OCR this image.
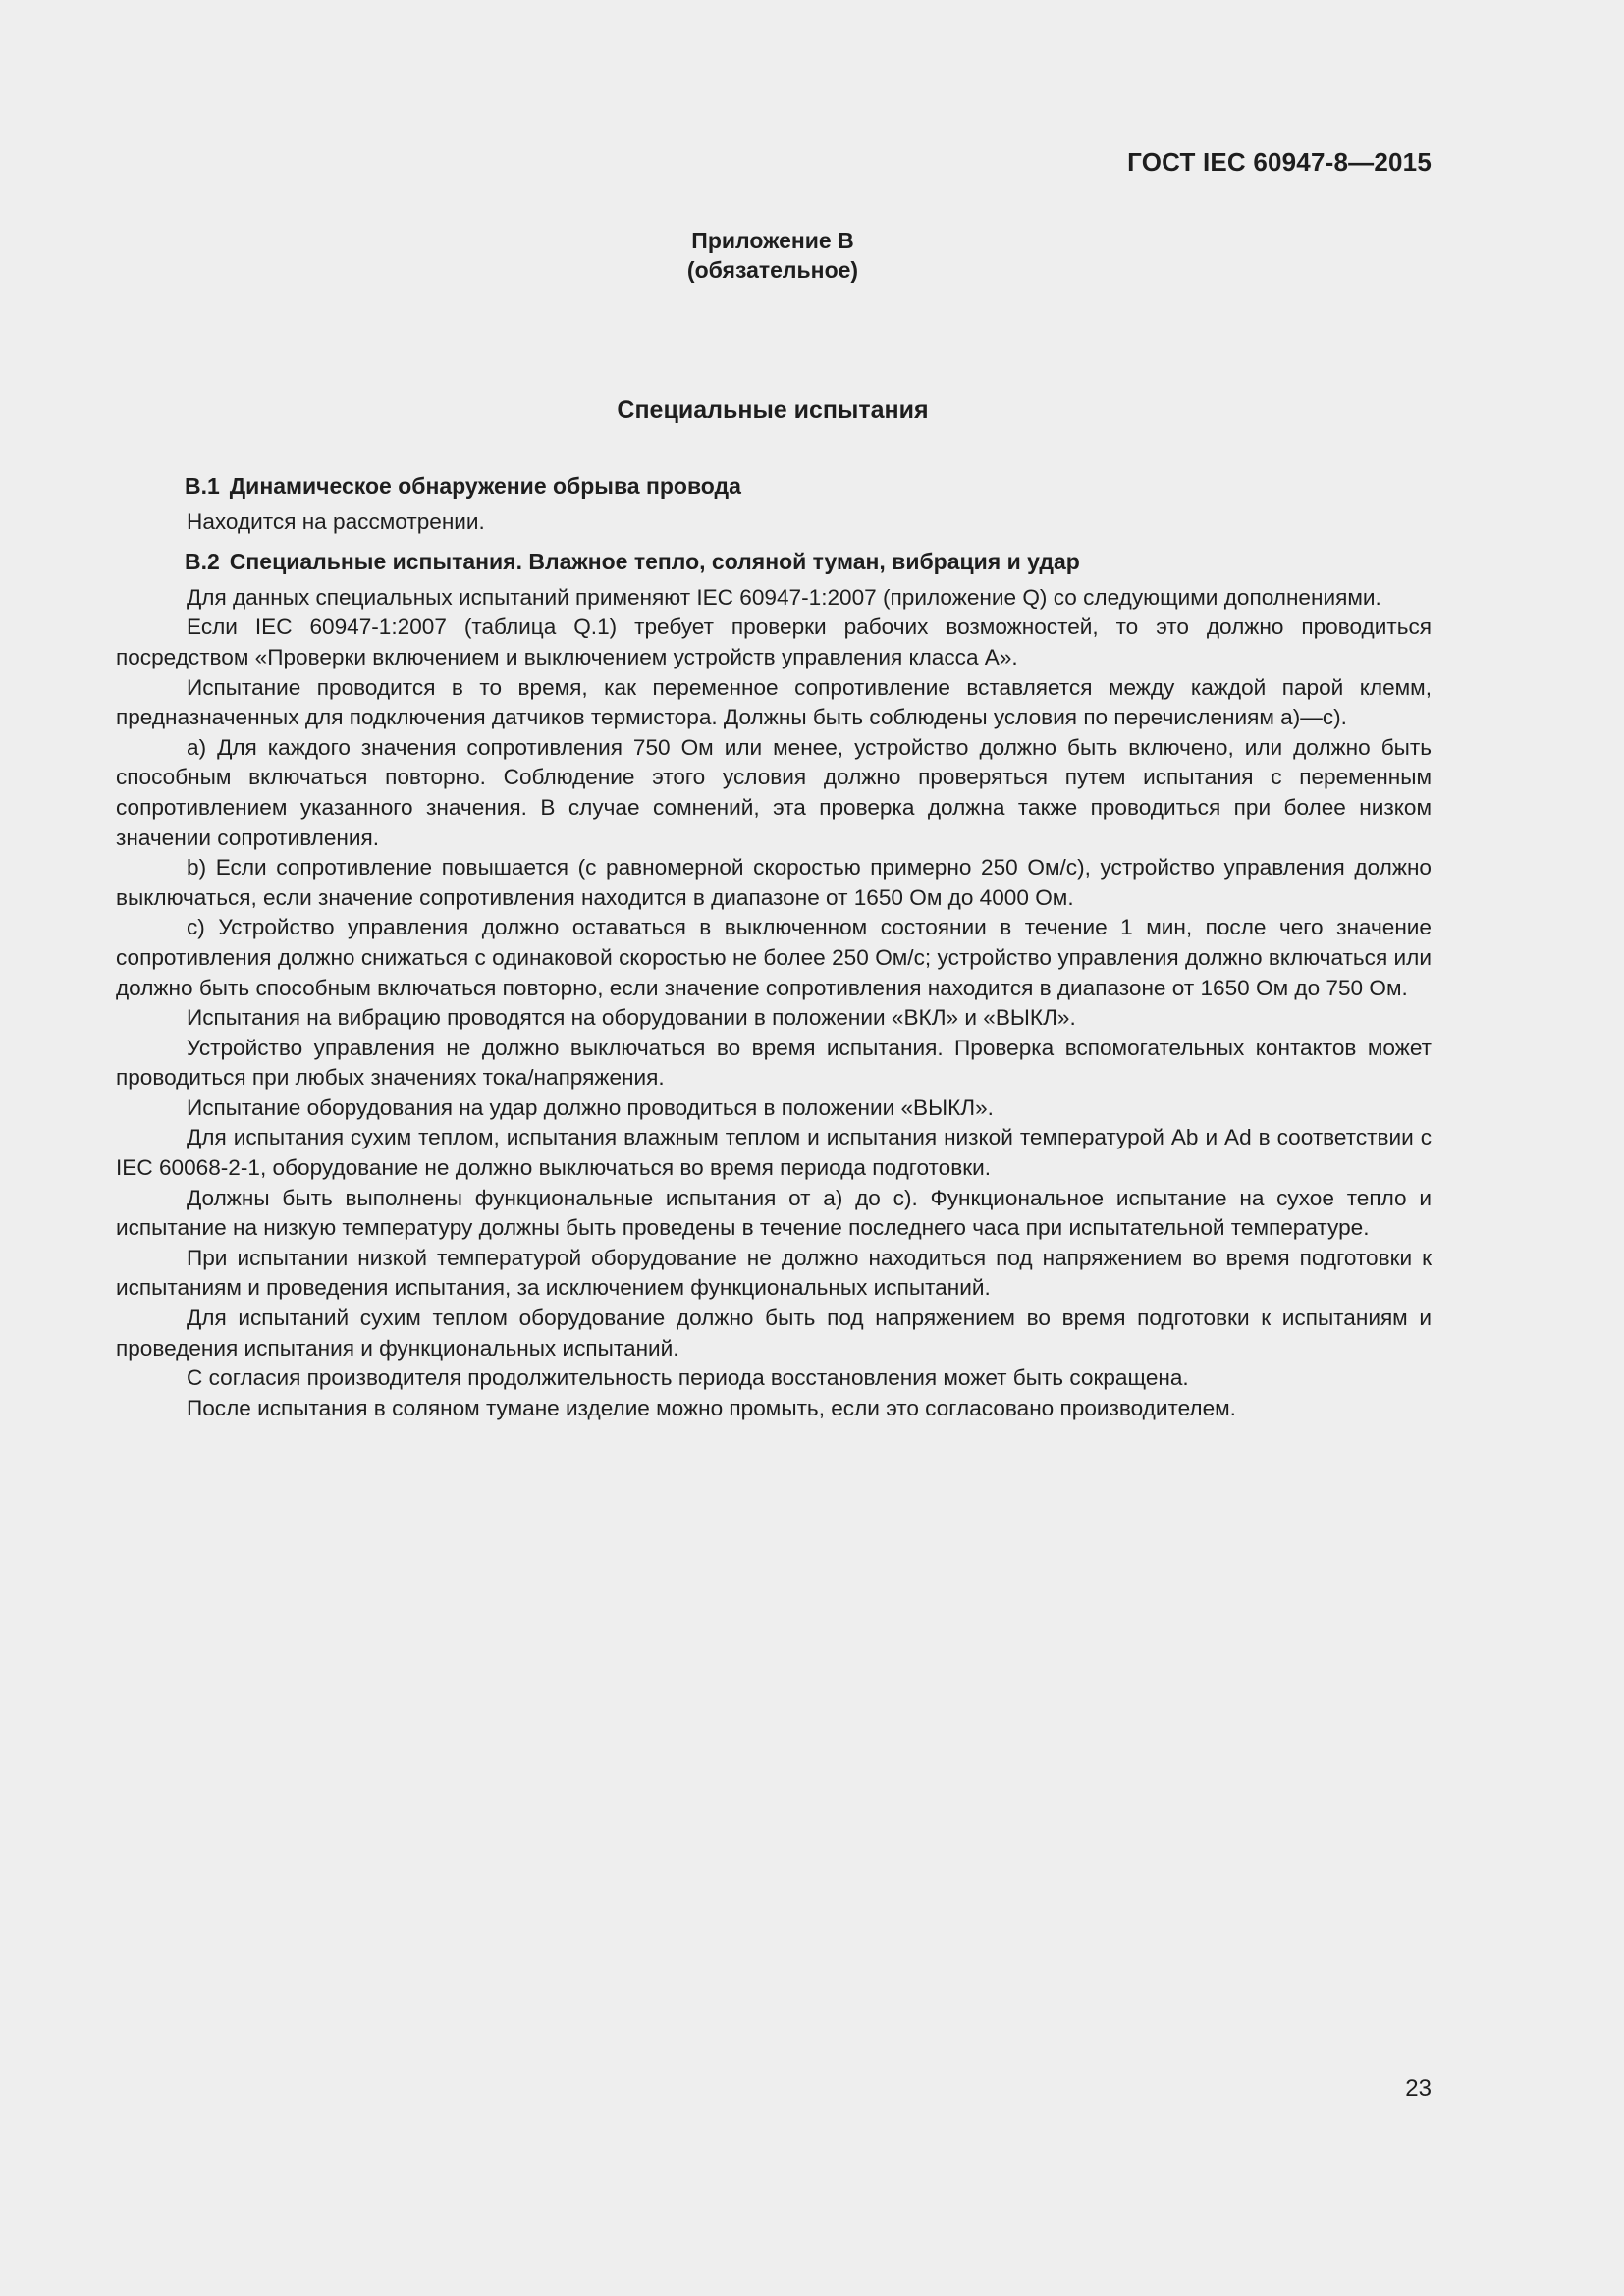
ГОСТ IEC 60947-8—2015
Приложение В
(обязательное)
Специальные испытания
В.1 Динамическое обнаружение обрыва провода

Находится на рассмотрении.

В.2 Специальные испытания. Влажное тепло, соляной туман, вибрация и удар

Для данных специальных испытаний применяют IEC 60947-1:2007 (приложение Q) со следующими дополнениями.

Если IEC 60947-1:2007 (таблица Q.1) требует проверки рабочих возможностей, то это должно проводиться посредством «Проверки включением и выключением устройств управления класса А».

Испытание проводится в то время, как переменное сопротивление вставляется между каждой парой клемм, предназначенных для подключения датчиков термистора. Должны быть соблюдены условия по перечислениям а)—с).

а) Для каждого значения сопротивления 750 Ом или менее, устройство должно быть включено, или должно быть способным включаться повторно. Соблюдение этого условия должно проверяться путем испытания с переменным сопротивлением указанного значения. В случае сомнений, эта проверка должна также проводиться при более низком значении сопротивления.

b) Если сопротивление повышается (с равномерной скоростью примерно 250 Ом/с), устройство управления должно выключаться, если значение сопротивления находится в диапазоне от 1650 Ом до 4000 Ом.

с) Устройство управления должно оставаться в выключенном состоянии в течение 1 мин, после чего значение сопротивления должно снижаться с одинаковой скоростью не более 250 Ом/с; устройство управления должно включаться или должно быть способным включаться повторно, если значение сопротивления находится в диапазоне от 1650 Ом до 750 Ом.

Испытания на вибрацию проводятся на оборудовании в положении «ВКЛ» и «ВЫКЛ».

Устройство управления не должно выключаться во время испытания. Проверка вспомогательных контактов может проводиться при любых значениях тока/напряжения.

Испытание оборудования на удар должно проводиться в положении «ВЫКЛ».

Для испытания сухим теплом, испытания влажным теплом и испытания низкой температурой Ab и Ad в соответствии с IEC 60068-2-1, оборудование не должно выключаться во время периода подготовки.

Должны быть выполнены функциональные испытания от а) до с). Функциональное испытание на сухое тепло и испытание на низкую температуру должны быть проведены в течение последнего часа при испытательной температуре.

При испытании низкой температурой оборудование не должно находиться под напряжением во время подготовки к испытаниям и проведения испытания, за исключением функциональных испытаний.

Для испытаний сухим теплом оборудование должно быть под напряжением во время подготовки к испытаниям и проведения испытания и функциональных испытаний.

С согласия производителя продолжительность периода восстановления может быть сокращена.

После испытания в соляном тумане изделие можно промыть, если это согласовано производителем.

23
